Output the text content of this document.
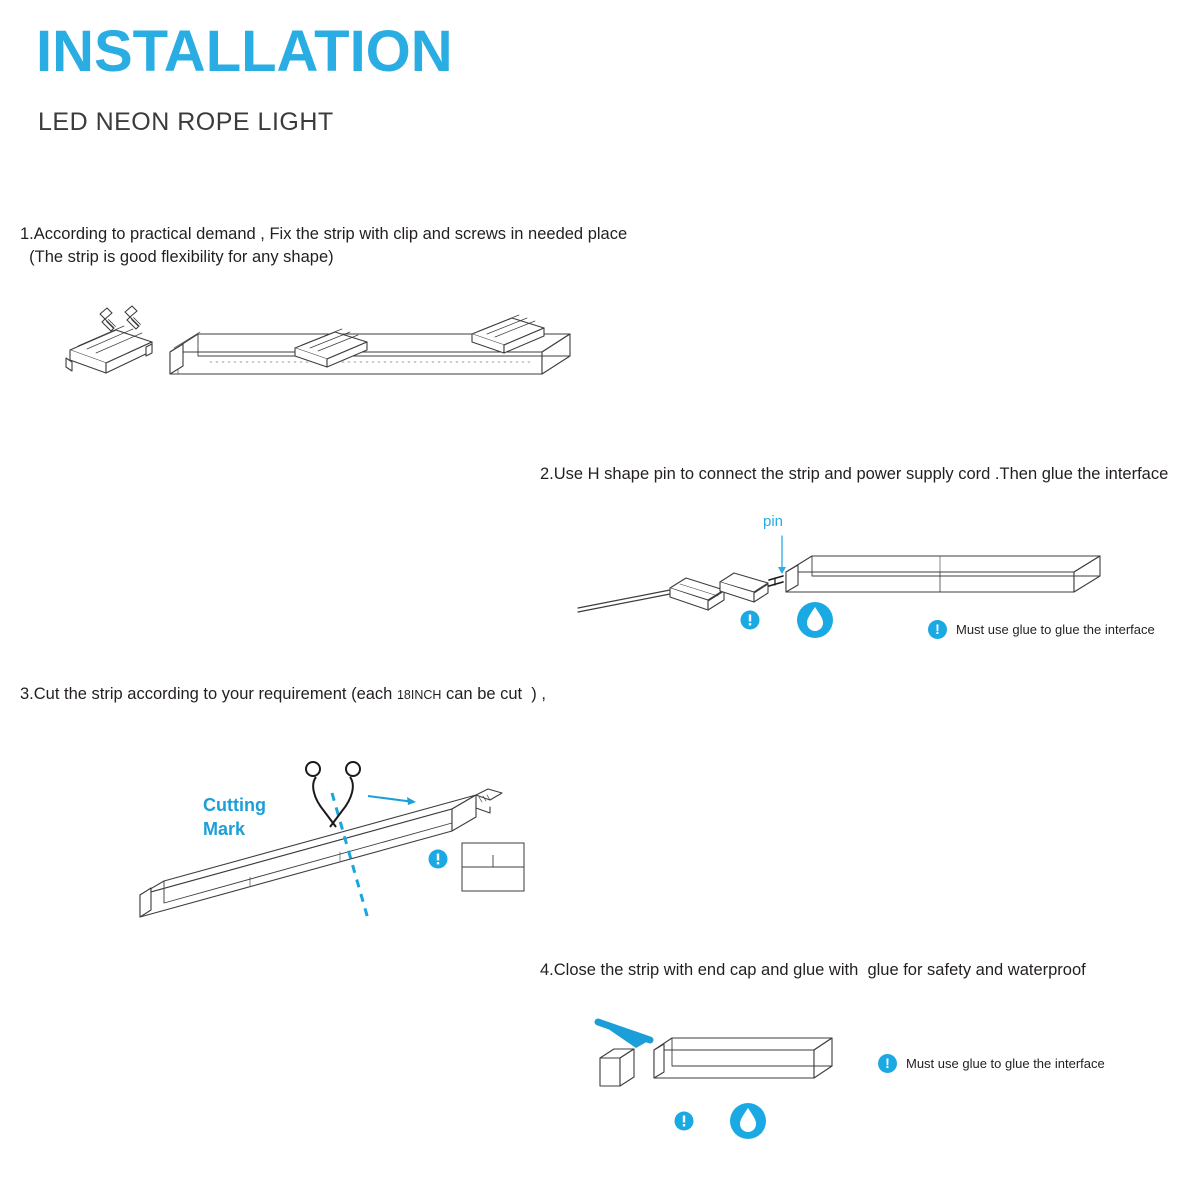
INSTALLATION
LED NEON ROPE LIGHT
1.According to practical demand , Fix the strip with clip and screws in needed place
(The strip is good flexibility for any shape)
2.Use H shape pin to connect the strip and power supply cord .Then glue the interface
pin
!	Must use glue to glue the interface
3.Cut the strip according to your requirement (each 18INCH can be cut  ) ,
Cutting
Mark
4.Close the strip with end cap and glue with  glue for safety and waterproof
!	Must use glue to glue the interface
